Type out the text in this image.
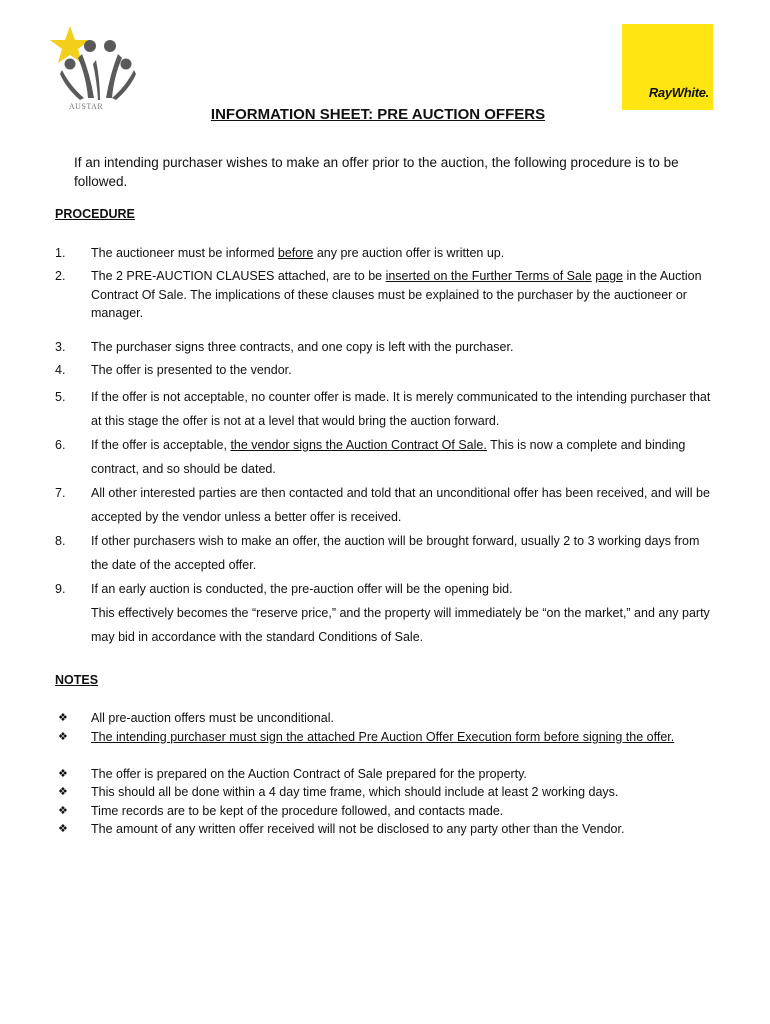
AUSTAR
RayWhite.
INFORMATION SHEET: PRE AUCTION OFFERS
If an intending purchaser wishes to make an offer prior to the auction, the following procedure is to be followed.
PROCEDURE
1. The auctioneer must be informed before any pre auction offer is written up.
2. The 2 PRE-AUCTION CLAUSES attached, are to be inserted on the Further Terms of Sale page in the Auction Contract Of Sale. The implications of these clauses must be explained to the purchaser by the auctioneer or manager.
3. The purchaser signs three contracts, and one copy is left with the purchaser.
4. The offer is presented to the vendor.
5. If the offer is not acceptable, no counter offer is made. It is merely communicated to the intending purchaser that at this stage the offer is not at a level that would bring the auction forward.
6. If the offer is acceptable, the vendor signs the Auction Contract Of Sale. This is now a complete and binding contract, and so should be dated.
7. All other interested parties are then contacted and told that an unconditional offer has been received, and will be accepted by the vendor unless a better offer is received.
8. If other purchasers wish to make an offer, the auction will be brought forward, usually 2 to 3 working days from the date of the accepted offer.
9. If an early auction is conducted, the pre-auction offer will be the opening bid.
This effectively becomes the “reserve price,” and the property will immediately be “on the market,” and any party may bid in accordance with the standard Conditions of Sale.
NOTES
❖ All pre-auction offers must be unconditional.
❖ The intending purchaser must sign the attached Pre Auction Offer Execution form before signing the offer.
❖ The offer is prepared on the Auction Contract of Sale prepared for the property.
❖ This should all be done within a 4 day time frame, which should include at least 2 working days.
❖ Time records are to be kept of the procedure followed, and contacts made.
❖ The amount of any written offer received will not be disclosed to any party other than the Vendor.
